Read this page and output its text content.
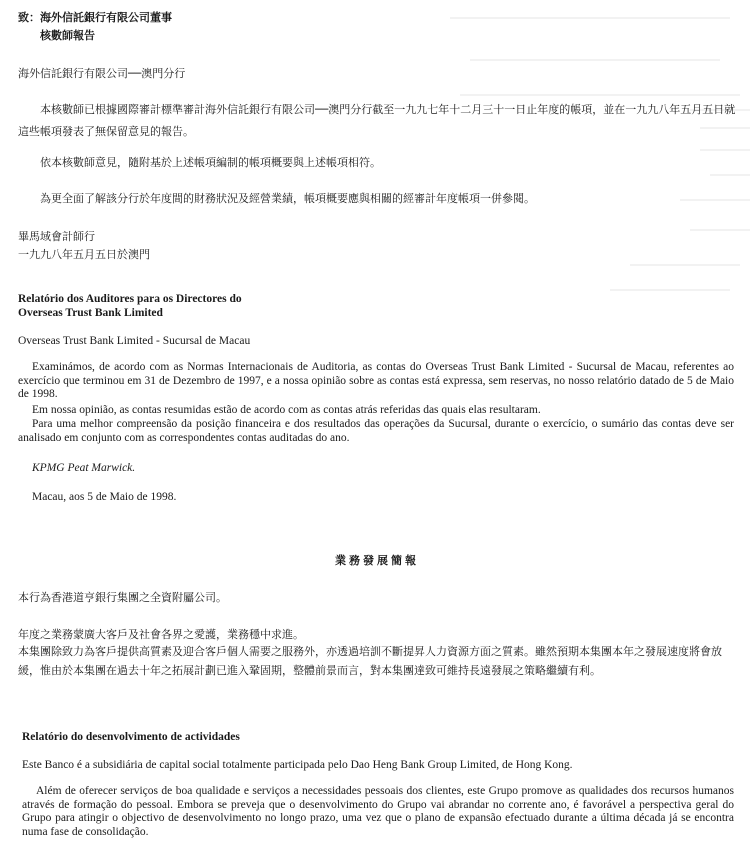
致：海外信託銀行有限公司董事

核數師報告

海外信託銀行有限公司──澳門分行

本核數師已根據國際審計標準審計海外信託銀行有限公司──澳門分行截至一九九七年十二月三十一日止年度的帳項，並在一九九八年五月五日就這些帳項發表了無保留意見的報告。

依本核數師意見，隨附基於上述帳項編制的帳項概要與上述帳項相符。

為更全面了解該分行於年度間的財務狀況及經營業績，帳項概要應與相關的經審計年度帳項一併參閱。

畢馬域會計師行

一九九八年五月五日於澳門

Relatório dos Auditores para os Directores do

Overseas Trust Bank Limited

Overseas Trust Bank Limited - Sucursal de Macau

Examinámos, de acordo com as Normas Internacionais de Auditoria, as contas do Overseas Trust Bank Limited - Sucursal de Macau, referentes ao exercício que terminou em 31 de Dezembro de 1997, e a nossa opinião sobre as contas está expressa, sem reservas, no nosso relatório datado de 5 de Maio de 1998.

Em nossa opinião, as contas resumidas estão de acordo com as contas atrás referidas das quais elas resultaram.

Para uma melhor compreensão da posição financeira e dos resultados das operações da Sucursal, durante o exercício, o sumário das contas deve ser analisado em conjunto com as correspondentes contas auditadas do ano.

KPMG Peat Marwick.

Macau, aos 5 de Maio de 1998.

業務發展簡報

本行為香港道亨銀行集團之全資附屬公司。

年度之業務蒙廣大客戶及社會各界之愛護，業務穩中求進。

本集團除致力為客戶提供高質素及迎合客戶個人需要之服務外，亦透過培訓不斷提昇人力資源方面之質素。雖然預期本集團本年之發展速度將會放緩，惟由於本集團在過去十年之拓展計劃已進入鞏固期，整體前景而言，對本集團達致可維持長遠發展之策略繼續有利。

Relatório do desenvolvimento de actividades

Este Banco é a subsidiária de capital social totalmente participada pelo Dao Heng Bank Group Limited, de Hong Kong.

Além de oferecer serviços de boa qualidade e serviços a necessidades pessoais dos clientes, este Grupo promove as qualidades dos recursos humanos através de formação do pessoal. Embora se preveja que o desenvolvimento do Grupo vai abrandar no corrente ano, é favorável a perspectiva geral do Grupo para atingir o objectivo de desenvolvimento no longo prazo, uma vez que o plano de expansão efectuado durante a última década já se encontra numa fase de consolidação.
